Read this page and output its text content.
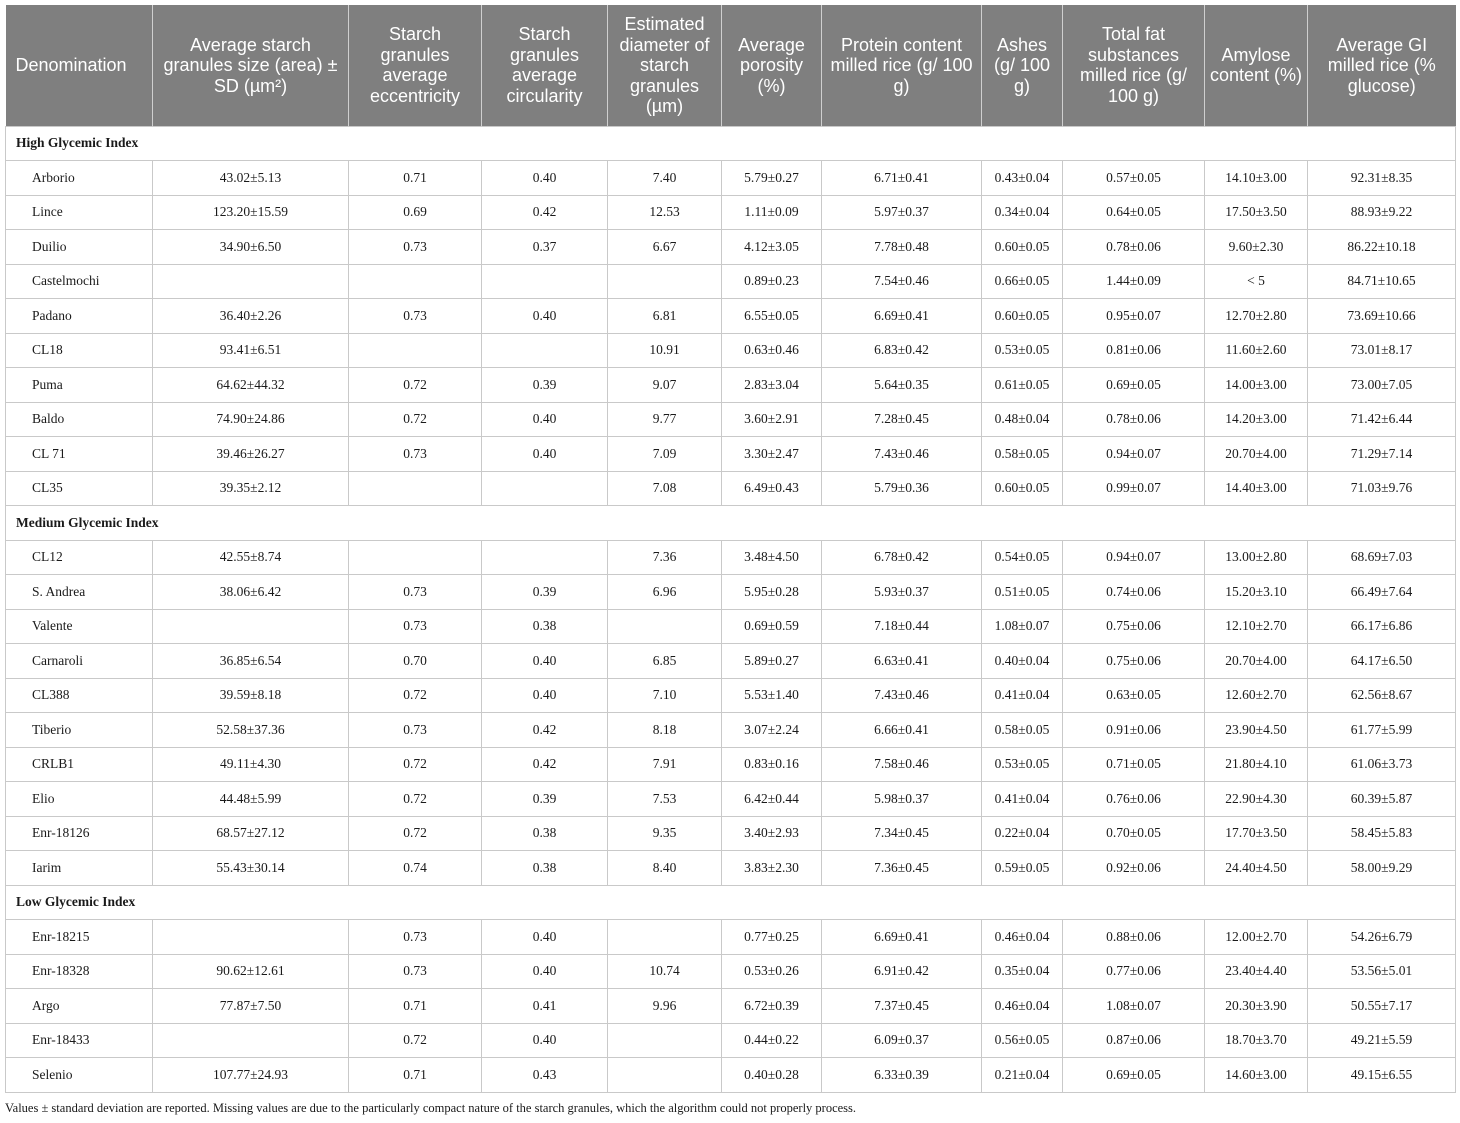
Denomination	Average starch granules size (area) ± SD (µm²)	Starch granules average eccentricity	Starch granules average circularity	Estimated diameter of starch granules (µm)	Average porosity (%)	Protein content milled rice (g/ 100 g)	Ashes (g/ 100 g)	Total fat substances milled rice (g/ 100 g)	Amylose content (%)	Average GI milled rice (% glucose)
High Glycemic Index										
Arborio	43.02±5.13	0.71	0.40	7.40	5.79±0.27	6.71±0.41	0.43±0.04	0.57±0.05	14.10±3.00	92.31±8.35
Lince	123.20±15.59	0.69	0.42	12.53	1.11±0.09	5.97±0.37	0.34±0.04	0.64±0.05	17.50±3.50	88.93±9.22
Duilio	34.90±6.50	0.73	0.37	6.67	4.12±3.05	7.78±0.48	0.60±0.05	0.78±0.06	9.60±2.30	86.22±10.18
Castelmochi					0.89±0.23	7.54±0.46	0.66±0.05	1.44±0.09	< 5	84.71±10.65
Padano	36.40±2.26	0.73	0.40	6.81	6.55±0.05	6.69±0.41	0.60±0.05	0.95±0.07	12.70±2.80	73.69±10.66
CL18	93.41±6.51			10.91	0.63±0.46	6.83±0.42	0.53±0.05	0.81±0.06	11.60±2.60	73.01±8.17
Puma	64.62±44.32	0.72	0.39	9.07	2.83±3.04	5.64±0.35	0.61±0.05	0.69±0.05	14.00±3.00	73.00±7.05
Baldo	74.90±24.86	0.72	0.40	9.77	3.60±2.91	7.28±0.45	0.48±0.04	0.78±0.06	14.20±3.00	71.42±6.44
CL 71	39.46±26.27	0.73	0.40	7.09	3.30±2.47	7.43±0.46	0.58±0.05	0.94±0.07	20.70±4.00	71.29±7.14
CL35	39.35±2.12			7.08	6.49±0.43	5.79±0.36	0.60±0.05	0.99±0.07	14.40±3.00	71.03±9.76
Medium Glycemic Index										
CL12	42.55±8.74			7.36	3.48±4.50	6.78±0.42	0.54±0.05	0.94±0.07	13.00±2.80	68.69±7.03
S. Andrea	38.06±6.42	0.73	0.39	6.96	5.95±0.28	5.93±0.37	0.51±0.05	0.74±0.06	15.20±3.10	66.49±7.64
Valente		0.73	0.38		0.69±0.59	7.18±0.44	1.08±0.07	0.75±0.06	12.10±2.70	66.17±6.86
Carnaroli	36.85±6.54	0.70	0.40	6.85	5.89±0.27	6.63±0.41	0.40±0.04	0.75±0.06	20.70±4.00	64.17±6.50
CL388	39.59±8.18	0.72	0.40	7.10	5.53±1.40	7.43±0.46	0.41±0.04	0.63±0.05	12.60±2.70	62.56±8.67
Tiberio	52.58±37.36	0.73	0.42	8.18	3.07±2.24	6.66±0.41	0.58±0.05	0.91±0.06	23.90±4.50	61.77±5.99
CRLB1	49.11±4.30	0.72	0.42	7.91	0.83±0.16	7.58±0.46	0.53±0.05	0.71±0.05	21.80±4.10	61.06±3.73
Elio	44.48±5.99	0.72	0.39	7.53	6.42±0.44	5.98±0.37	0.41±0.04	0.76±0.06	22.90±4.30	60.39±5.87
Enr-18126	68.57±27.12	0.72	0.38	9.35	3.40±2.93	7.34±0.45	0.22±0.04	0.70±0.05	17.70±3.50	58.45±5.83
Iarim	55.43±30.14	0.74	0.38	8.40	3.83±2.30	7.36±0.45	0.59±0.05	0.92±0.06	24.40±4.50	58.00±9.29
Low Glycemic Index										
Enr-18215		0.73	0.40		0.77±0.25	6.69±0.41	0.46±0.04	0.88±0.06	12.00±2.70	54.26±6.79
Enr-18328	90.62±12.61	0.73	0.40	10.74	0.53±0.26	6.91±0.42	0.35±0.04	0.77±0.06	23.40±4.40	53.56±5.01
Argo	77.87±7.50	0.71	0.41	9.96	6.72±0.39	7.37±0.45	0.46±0.04	1.08±0.07	20.30±3.90	50.55±7.17
Enr-18433		0.72	0.40		0.44±0.22	6.09±0.37	0.56±0.05	0.87±0.06	18.70±3.70	49.21±5.59
Selenio	107.77±24.93	0.71	0.43		0.40±0.28	6.33±0.39	0.21±0.04	0.69±0.05	14.60±3.00	49.15±6.55
Values ± standard deviation are reported. Missing values are due to the particularly compact nature of the starch granules, which the algorithm could not properly process.
